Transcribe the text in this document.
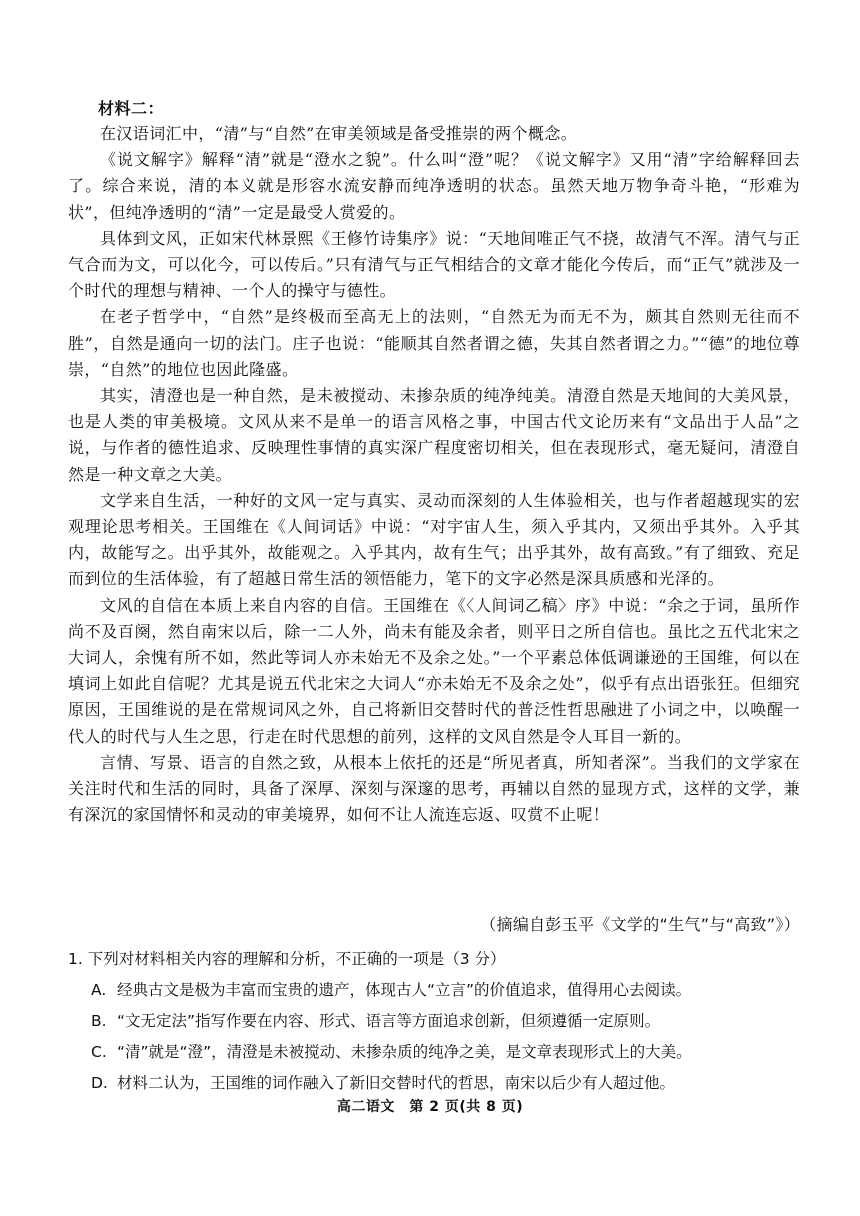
材料二：

在汉语词汇中，“清”与“自然”在审美领域是备受推崇的两个概念。

《说文解字》解释“清”就是“澄水之貌”。什么叫“澄”呢？《说文解字》又用“清”字给解释回去了。综合来说，清的本义就是形容水流安静而纯净透明的状态。虽然天地万物争奇斗艳，“形难为状”，但纯净透明的“清”一定是最受人赏爱的。

具体到文风，正如宋代林景熙《王修竹诗集序》说：“天地间唯正气不挠，故清气不浑。清气与正气合而为文，可以化今，可以传后。”只有清气与正气相结合的文章才能化今传后，而“正气”就涉及一个时代的理想与精神、一个人的操守与德性。

在老子哲学中，“自然”是终极而至高无上的法则，“自然无为而无不为，颇其自然则无往而不胜”，自然是通向一切的法门。庄子也说：“能顺其自然者谓之德，失其自然者谓之力。”“德”的地位尊崇，“自然”的地位也因此隆盛。

其实，清澄也是一种自然，是未被搅动、未掺杂质的纯净纯美。清澄自然是天地间的大美风景，也是人类的审美极境。文风从来不是单一的语言风格之事，中国古代文论历来有“文品出于人品”之说，与作者的德性追求、反映理性事情的真实深广程度密切相关，但在表现形式，毫无疑问，清澄自然是一种文章之大美。

文学来自生活，一种好的文风一定与真实、灵动而深刻的人生体验相关，也与作者超越现实的宏观理论思考相关。王国维在《人间词话》中说：“对宇宙人生，须入乎其内，又须出乎其外。入乎其内，故能写之。出乎其外，故能观之。入乎其内，故有生气；出乎其外，故有高致。”有了细致、充足而到位的生活体验，有了超越日常生活的领悟能力，笔下的文字必然是深具质感和光泽的。

文风的自信在本质上来自内容的自信。王国维在《〈人间词乙稿〉序》中说：“余之于词，虽所作尚不及百阕，然自南宋以后，除一二人外，尚未有能及余者，则平日之所自信也。虽比之五代北宋之大词人，余愧有所不如，然此等词人亦未始无不及余之处。”一个平素总体低调谦逊的王国维，何以在填词上如此自信呢？尤其是说五代北宋之大词人“亦未始无不及余之处”，似乎有点出语张狂。但细究原因，王国维说的是在常规词风之外，自己将新旧交替时代的普泛性哲思融进了小词之中，以唤醒一代人的时代与人生之思，行走在时代思想的前列，这样的文风自然是令人耳目一新的。

言情、写景、语言的自然之致，从根本上依托的还是“所见者真，所知者深”。当我们的文学家在关注时代和生活的同时，具备了深厚、深刻与深邃的思考，再辅以自然的显现方式，这样的文学，兼有深沉的家国情怀和灵动的审美境界，如何不让人流连忘返、叹赏不止呢！

（摘编自彭玉平《文学的“生气”与“高致”》）
1. 下列对材料相关内容的理解和分析，不正确的一项是（3 分）
A. 经典古文是极为丰富而宝贵的遗产，体现古人“立言”的价值追求，值得用心去阅读。
B. “文无定法”指写作要在内容、形式、语言等方面追求创新，但须遵循一定原则。
C. “清”就是“澄”，清澄是未被搅动、未掺杂质的纯净之美，是文章表现形式上的大美。
D. 材料二认为，王国维的词作融入了新旧交替时代的哲思，南宋以后少有人超过他。
高二语文　第 2 页(共 8 页)
